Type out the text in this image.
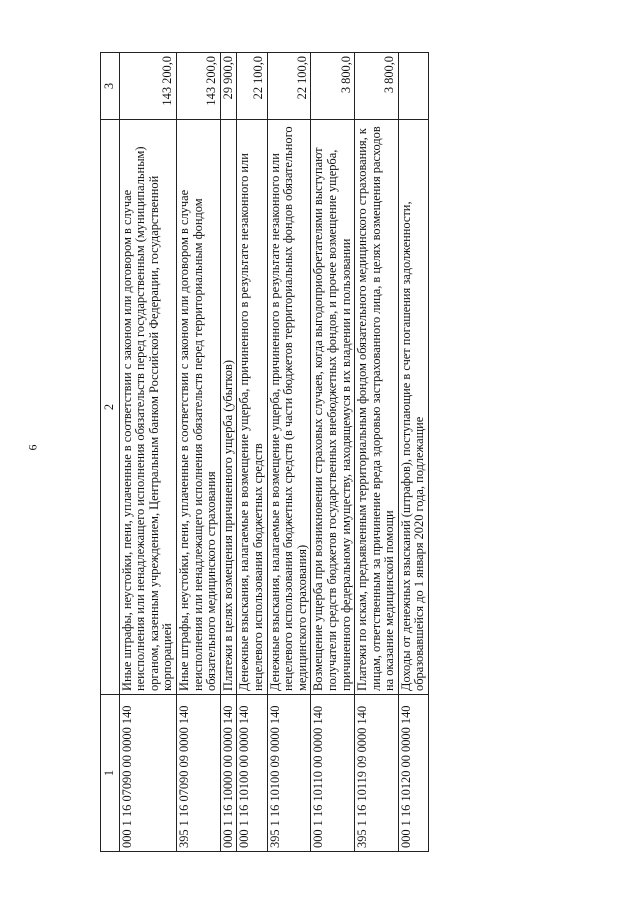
6
1	2	3
000 1 16 07090 00 0000 140	Иные штрафы, неустойки, пени, уплаченные в соответствии с законом или договором в случае неисполнения или ненадлежащего исполнения обязательств перед государственным (муниципальным) органом, казенным учреждением, Центральным банком Российской Федерации, государственной корпорацией	143 200,0
395 1 16 07090 09 0000 140	Иные штрафы, неустойки, пени, уплаченные в соответствии с законом или договором в случае неисполнения или ненадлежащего исполнения обязательств перед территориальным фондом обязательного медицинского страхования	143 200,0
000 1 16 10000 00 0000 140	Платежи в целях возмещения причиненного ущерба (убытков)	29 900,0
000 1 16 10100 00 0000 140	Денежные взыскания, налагаемые в возмещение ущерба, причиненного в результате незаконного или нецелевого использования бюджетных средств	22 100,0
395 1 16 10100 09 0000 140	Денежные взыскания, налагаемые в возмещение ущерба, причиненного в результате незаконного или нецелевого использования бюджетных средств (в части бюджетов территориальных фондов обязательного медицинского страхования)	22 100,0
000 1 16 10110 00 0000 140	Возмещение ущерба при возникновении страховых случаев, когда выгодоприобретателями выступают получатели средств бюджетов государственных внебюджетных фондов, и прочее возмещение ущерба, причиненного федеральному имуществу, находящемуся в их владении и пользовании	3 800,0
395 1 16 10119 09 0000 140	Платежи по искам, предъявленным территориальным фондом обязательного медицинского страхования, к лицам, ответственным за причинение вреда здоровью застрахованного лица, в целях возмещения расходов на оказание медицинской помощи	3 800,0
000 1 16 10120 00 0000 140	Доходы от денежных взысканий (штрафов), поступающие в счет погашения задолженности, образовавшейся до 1 января 2020 года, подлежащие	
